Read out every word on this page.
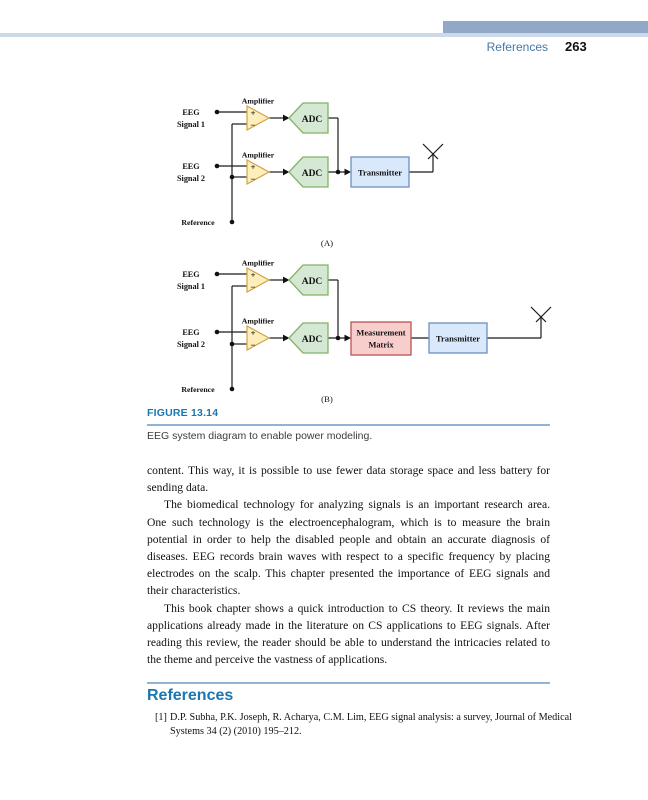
References 263
EEG
Signal 1
Amplifier
+
−	ADC
EEG
Signal 2
Amplifier
+
−	ADC	Transmitter
Reference
(A)
EEG
Signal 1
Amplifier
+
−	ADC
EEG
Signal 2
Amplifier
+
−	ADC
Measurement
Matrix
Transmitter
Reference
(B)
FIGURE 13.14
EEG system diagram to enable power modeling.

content. This way, it is possible to use fewer data storage space and less battery for sending data.

The biomedical technology for analyzing signals is an important research area. One such technology is the electroencephalogram, which is to measure the brain potential in order to help the disabled people and obtain an accurate diagnosis of diseases. EEG records brain waves with respect to a specific frequency by placing electrodes on the scalp. This chapter presented the importance of EEG signals and their characteristics.

This book chapter shows a quick introduction to CS theory. It reviews the main applications already made in the literature on CS applications to EEG signals. After reading this review, the reader should be able to understand the intricacies related to the theme and perceive the vastness of applications.

References
[1] D.P. Subha, P.K. Joseph, R. Acharya, C.M. Lim, EEG signal analysis: a survey, Journal of Medical
Systems 34 (2) (2010) 195–212.
